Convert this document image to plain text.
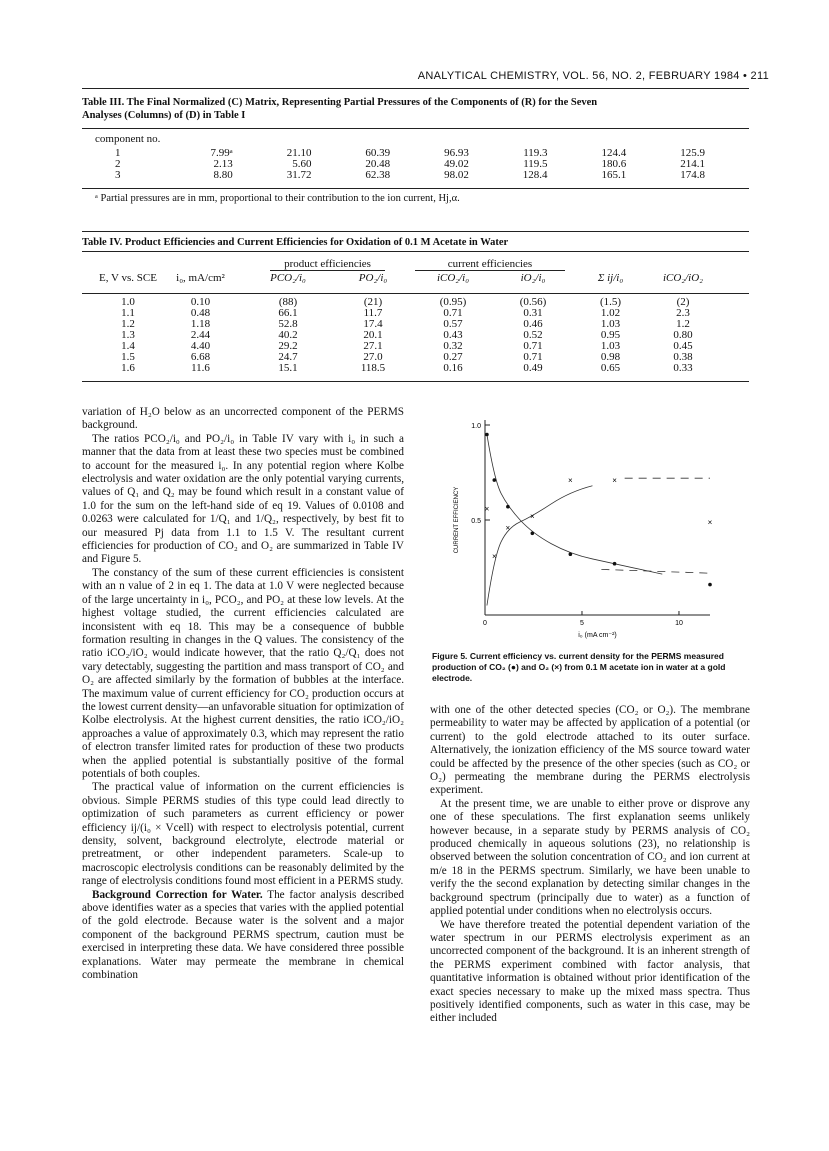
ANALYTICAL CHEMISTRY, VOL. 56, NO. 2, FEBRUARY 1984 • 211
Table III. The Final Normalized (C) Matrix, Representing Partial Pressures of the Components of (R) for the Seven
Analyses (Columns) of (D) in Table I
component no.
1	7.99ᵃ	21.10	60.39	96.93	119.3	124.4	125.9
2	2.13	5.60	20.48	49.02	119.5	180.6	214.1
3	8.80	31.72	62.38	98.02	128.4	165.1	174.8
ᵃ Partial pressures are in mm, proportional to their contribution to the ion current, Hj,α.
Table IV. Product Efficiencies and Current Efficiencies for Oxidation of 0.1 M Acetate in Water
product efficiencies	current efficiencies
E, V vs. SCE	i₀, mA/cm²	PCO₂/i₀	PO₂/i₀	iCO₂/i₀	iO₂/i₀	Σ ij/i₀	iCO₂/iO₂
1.0	0.10	(88)	(21)	(0.95)	(0.56)	(1.5)	(2)
1.1	0.48	66.1	11.7	0.71	0.31	1.02	2.3
1.2	1.18	52.8	17.4	0.57	0.46	1.03	1.2
1.3	2.44	40.2	20.1	0.43	0.52	0.95	0.80
1.4	4.40	29.2	27.1	0.32	0.71	1.03	0.45
1.5	6.68	24.7	27.0	0.27	0.71	0.98	0.38
1.6	11.6	15.1	118.5	0.16	0.49	0.65	0.33

variation of H₂O below as an uncorrected component of the PERMS background.

The ratios PCO₂/i₀ and PO₂/i₀ in Table IV vary with i₀ in such a manner that the data from at least these two species must be combined to account for the measured i₀. In any potential region where Kolbe electrolysis and water oxidation are the only potential varying currents, values of Q₁ and Q₂ may be found which result in a constant value of 1.0 for the sum on the left-hand side of eq 19. Values of 0.0108 and 0.0263 were calculated for 1/Q₁ and 1/Q₂, respectively, by best fit to our measured Pj data from 1.1 to 1.5 V. The resultant current efficiencies for production of CO₂ and O₂ are summarized in Table IV and Figure 5.

The constancy of the sum of these current efficiencies is consistent with an n value of 2 in eq 1. The data at 1.0 V were neglected because of the large uncertainty in i₀, PCO₂, and PO₂ at these low levels. At the highest voltage studied, the current efficiencies calculated are inconsistent with eq 18. This may be a consequence of bubble formation resulting in changes in the Q values. The consistency of the ratio iCO₂/iO₂ would indicate however, that the ratio Q₂/Q₁ does not vary detectably, suggesting the partition and mass transport of CO₂ and O₂ are affected similarly by the formation of bubbles at the interface. The maximum value of current efficiency for CO₂ production occurs at the lowest current density—an unfavorable situation for optimization of Kolbe electrolysis. At the highest current densities, the ratio iCO₂/iO₂ approaches a value of approximately 0.3, which may represent the ratio of electron transfer limited rates for production of these two products when the applied potential is substantially positive of the formal potentials of both couples.

The practical value of information on the current efficiencies is obvious. Simple PERMS studies of this type could lead directly to optimization of such parameters as current efficiency or power efficiency ij/(i₀ × Vcell) with respect to electrolysis potential, current density, solvent, background electrolyte, electrode material or pretreatment, or other independent parameters. Scale-up to macroscopic electrolysis conditions can be reasonably delimited by the range of electrolysis conditions found most efficient in a PERMS study.

Background Correction for Water. The factor analysis described above identifies water as a species that varies with the applied potential of the gold electrode. Because water is the solvent and a major component of the background PERMS spectrum, caution must be exercised in interpreting these data. We have considered three possible explanations. Water may permeate the membrane in chemical combination

1.0
0.5
0	5	10
CURRENT EFFICIENCY
i₀ (mA cm⁻²)
×
×
×
×
×	×
×
Figure 5. Current efficiency vs. current density for the PERMS measured production of CO₂ (●) and O₂ (×) from 0.1 M acetate ion in water at a gold electrode.

with one of the other detected species (CO₂ or O₂). The membrane permeability to water may be affected by application of a potential (or current) to the gold electrode attached to its outer surface. Alternatively, the ionization efficiency of the MS source toward water could be affected by the presence of the other species (such as CO₂ or O₂) permeating the membrane during the PERMS electrolysis experiment.

At the present time, we are unable to either prove or disprove any one of these speculations. The first explanation seems unlikely however because, in a separate study by PERMS analysis of CO₂ produced chemically in aqueous solutions (23), no relationship is observed between the solution concentration of CO₂ and ion current at m/e 18 in the PERMS spectrum. Similarly, we have been unable to verify the the second explanation by detecting similar changes in the background spectrum (principally due to water) as a function of applied potential under conditions when no electrolysis occurs.

We have therefore treated the potential dependent variation of the water spectrum in our PERMS electrolysis experiment as an uncorrected component of the background. It is an inherent strength of the PERMS experiment combined with factor analysis, that quantitative information is obtained without prior identification of the exact species necessary to make up the mixed mass spectra. Thus positively identified components, such as water in this case, may be either included
